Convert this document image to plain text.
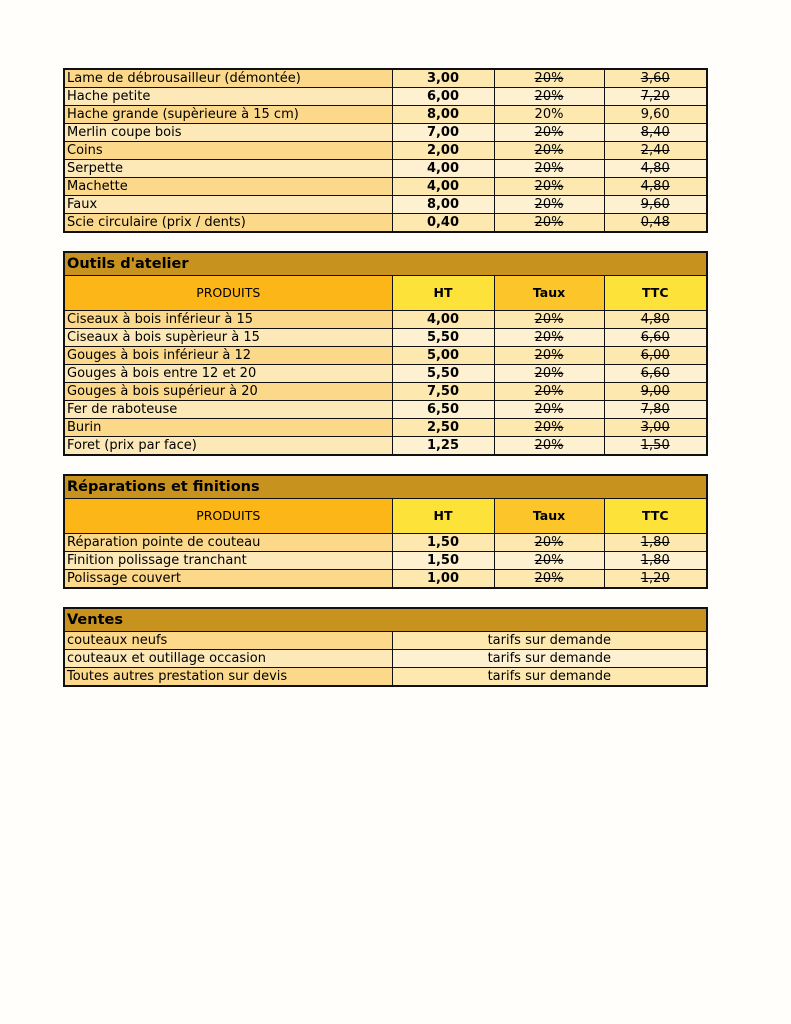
Lame de débrousailleur (démontée)	3,00	20%	3,60
Hache petite	6,00	20%	7,20
Hache grande (supèrieure à 15 cm)	8,00	20%	9,60
Merlin coupe bois	7,00	20%	8,40
Coins	2,00	20%	2,40
Serpette	4,00	20%	4,80
Machette	4,00	20%	4,80
Faux	8,00	20%	9,60
Scie circulaire (prix / dents)	0,40	20%	0,48
Outils d'atelier			
PRODUITS	HT	Taux	TTC
Ciseaux à bois inférieur à 15	4,00	20%	4,80
Ciseaux à bois supèrieur à 15	5,50	20%	6,60
Gouges à bois inférieur à 12	5,00	20%	6,00
Gouges à bois entre 12 et 20	5,50	20%	6,60
Gouges à bois supérieur à 20	7,50	20%	9,00
Fer de raboteuse	6,50	20%	7,80
Burin	2,50	20%	3,00
Foret (prix par face)	1,25	20%	1,50
Réparations et finitions			
PRODUITS	HT	Taux	TTC
Réparation pointe de couteau	1,50	20%	1,80
Finition polissage tranchant	1,50	20%	1,80
Polissage couvert	1,00	20%	1,20
Ventes	
couteaux neufs	tarifs sur demande
couteaux et outillage occasion	tarifs sur demande
Toutes autres prestation sur devis	tarifs sur demande
